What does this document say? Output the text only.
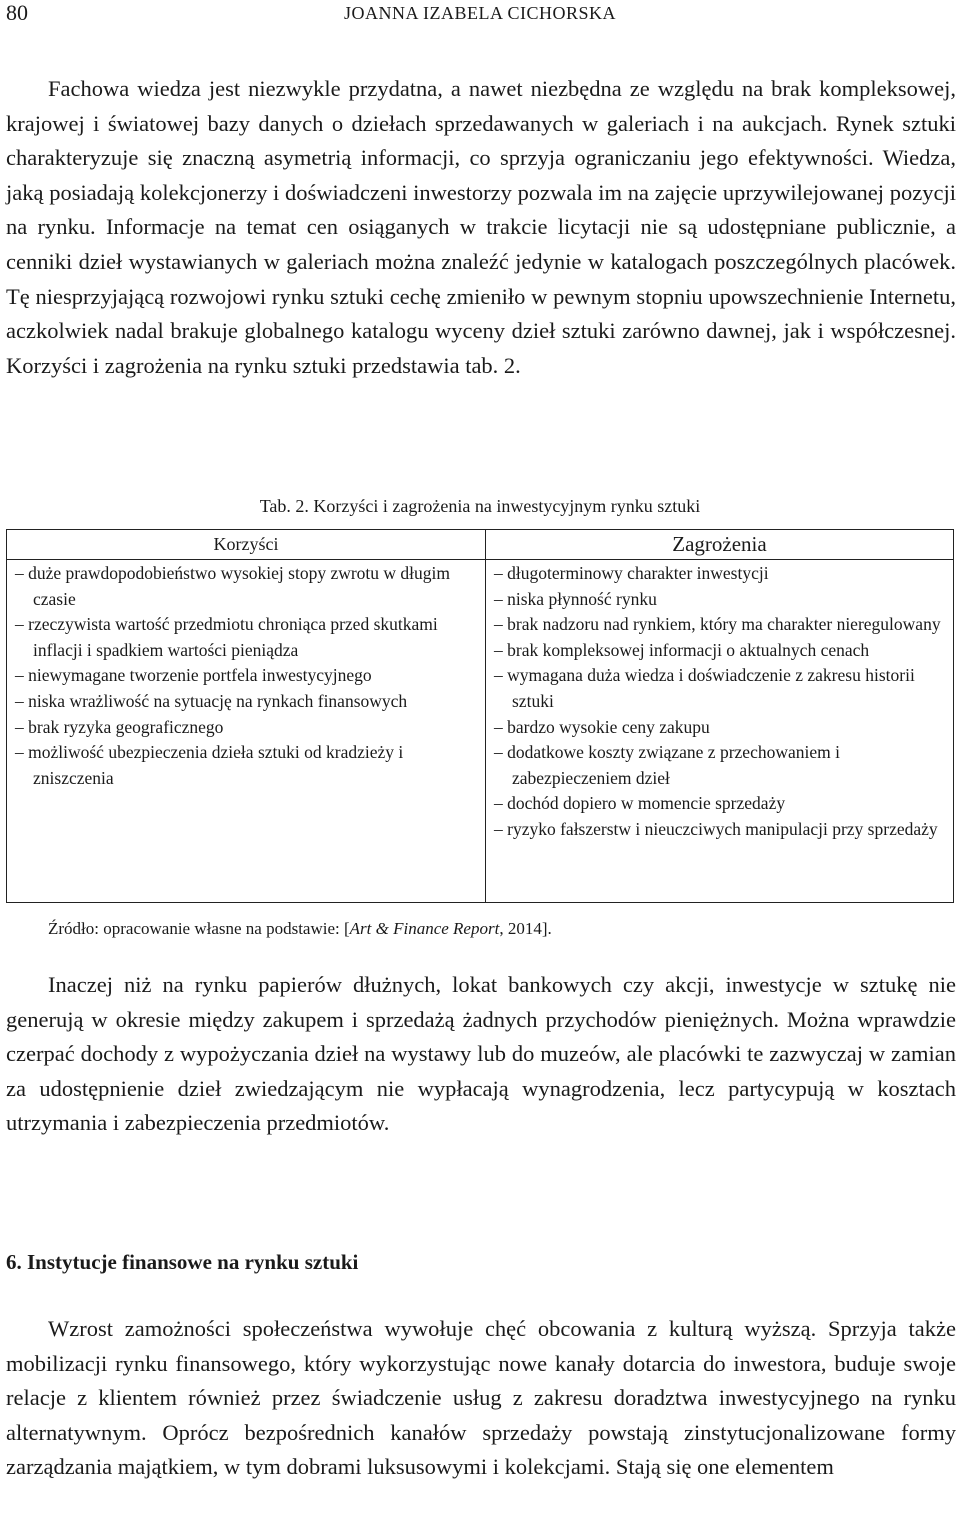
80	JOANNA IZABELA CICHORSKA

Fachowa wiedza jest niezwykle przydatna, a nawet niezbędna ze względu na brak kompleksowej, krajowej i światowej bazy danych o dziełach sprzedawanych w galeriach i na aukcjach. Rynek sztuki charakteryzuje się znaczną asymetrią informacji, co sprzyja ograniczaniu jego efektywności. Wiedza, jaką posiadają kolekcjonerzy i doświadczeni inwestorzy pozwala im na zajęcie uprzywilejowanej pozycji na rynku. Informacje na temat cen osiąganych w trakcie licytacji nie są udostępniane publicznie, a cenniki dzieł wystawianych w galeriach można znaleźć jedynie w katalogach poszczególnych placówek. Tę niesprzyjającą rozwojowi rynku sztuki cechę zmieniło w pewnym stopniu upowszechnienie Internetu, aczkolwiek nadal brakuje globalnego katalogu wyceny dzieł sztuki zarówno dawnej, jak i współczesnej. Korzyści i zagrożenia na rynku sztuki przedstawia tab. 2.

Tab. 2. Korzyści i zagrożenia na inwestycyjnym rynku sztuki
Korzyści
– duże prawdopodobieństwo wysokiej stopy zwrotu w długim czasie
– rzeczywista wartość przedmiotu chroniąca przed skutkami inflacji i spadkiem wartości pieniądza
– niewymagane tworzenie portfela inwestycyjnego
– niska wrażliwość na sytuację na rynkach finansowych
– brak ryzyka geograficznego
– możliwość ubezpieczenia dzieła sztuki od kradzieży i zniszczenia
Zagrożenia
– długoterminowy charakter inwestycji
– niska płynność rynku
– brak nadzoru nad rynkiem, który ma charakter nieregulowany
– brak kompleksowej informacji o aktualnych cenach
– wymagana duża wiedza i doświadczenie z zakresu historii sztuki
– bardzo wysokie ceny zakupu
– dodatkowe koszty związane z przechowaniem i zabezpieczeniem dzieł
– dochód dopiero w momencie sprzedaży
– ryzyko fałszerstw i nieuczciwych manipulacji przy sprzedaży
Źródło: opracowanie własne na podstawie: [Art & Finance Report, 2014].

Inaczej niż na rynku papierów dłużnych, lokat bankowych czy akcji, inwestycje w sztukę nie generują w okresie między zakupem i sprzedażą żadnych przychodów pieniężnych. Można wprawdzie czerpać dochody z wypożyczania dzieł na wystawy lub do muzeów, ale placówki te zazwyczaj w zamian za udostępnienie dzieł zwiedzającym nie wypłacają wynagrodzenia, lecz partycypują w kosztach utrzymania i zabezpieczenia przedmiotów.

6. Instytucje finansowe na rynku sztuki

Wzrost zamożności społeczeństwa wywołuje chęć obcowania z kulturą wyższą. Sprzyja także mobilizacji rynku finansowego, który wykorzystując nowe kanały dotarcia do inwestora, buduje swoje relacje z klientem również przez świadczenie usług z zakresu doradztwa inwestycyjnego na rynku alternatywnym. Oprócz bezpośrednich kanałów sprzedaży powstają zinstytucjonalizowane formy zarządzania majątkiem, w tym dobrami luksusowymi i kolekcjami. Stają się one elementem
